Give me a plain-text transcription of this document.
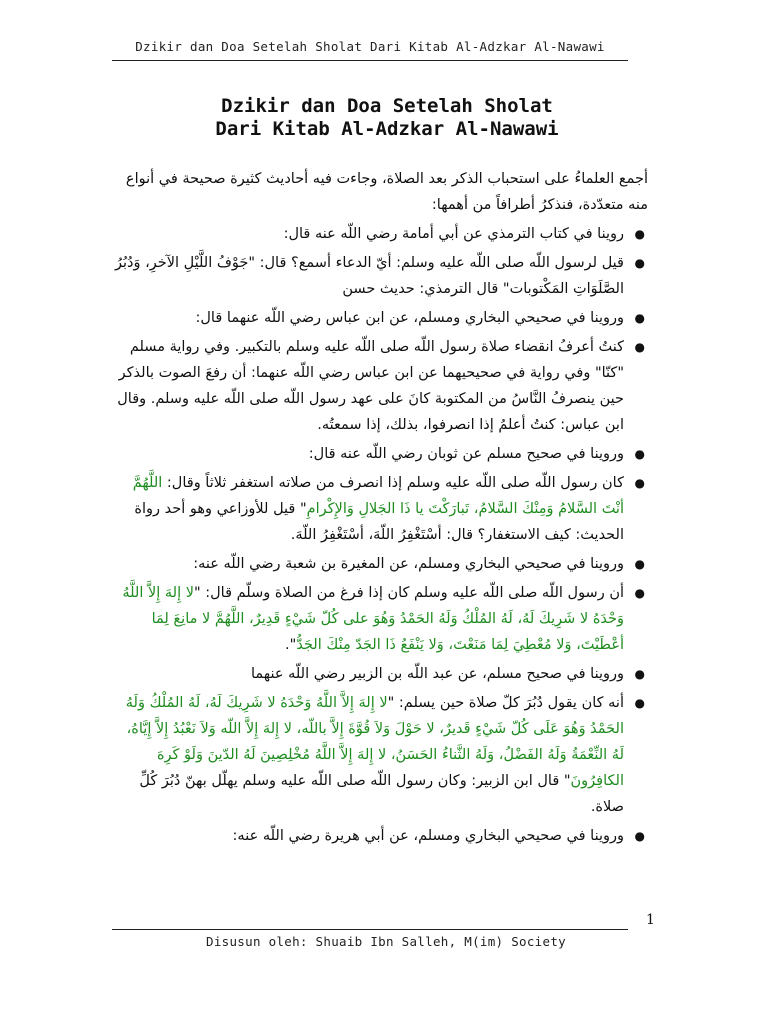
Dzikir dan Doa Setelah Sholat Dari Kitab Al-Adzkar Al-Nawawi
Dzikir dan Doa Setelah Sholat
Dari Kitab Al-Adzkar Al-Nawawi

أجمع العلماءُ على استحباب الذكر بعد الصلاة، وجاءت فيه أحاديث كثيرة صحيحة في أنواع منه متعدّدة، فنذكرُ أطرافاً من أهمها:

●
روينا في كتاب الترمذي عن أبي أمامة رضي اللّه عنه قال:
●
قيل لرسول اللّه صلى اللّه عليه وسلم: أيّ الدعاء أسمع؟ قال: "جَوْفُ اللَّيْلِ الآخرِ، وَدُبُرُ الصَّلَوَاتِ المَكْتوبات" قال الترمذي: حديث حسن
●
وروينا في صحيحي البخاري ومسلم، عن ابن عباس رضي اللّه عنهما قال:
●
كنتُ أعرفُ انقضاء صلاة رسول اللّه صلى اللّه عليه وسلم بالتكبير. وفي رواية مسلم "كنّا" وفي رواية في صحيحيهما عن ابن عباس رضي اللّه عنهما: أن رفعَ الصوت بالذكر حين ينصرفُ النَّاسُ من المكتوبة كانَ على عهد رسول اللّه صلى اللّه عليه وسلم. وقال ابن عباس: كنتُ أعلمُ إذا انصرفوا، بذلك، إذا سمعتُه.
●
وروينا في صحيح مسلم عن ثوبان رضي اللّه عنه قال:
●
كان رسول اللّه صلى اللّه عليه وسلم إذا انصرف من صلاته استغفر ثلاثاً وقال: اللَّهُمَّ أنْتَ السَّلامُ وَمِنْكَ السَّلامُ، تَبارَكْتَ يا ذَا الجَلالِ وَالإِكْرامِ" قيل للأوزاعي وهو أحد رواة الحديث: كيف الاستغفار؟ قال: أسْتَغْفِرُ اللّهَ، أسْتَغْفِرُ اللّهَ.
●
وروينا في صحيحي البخاري ومسلم، عن المغيرة بن شعبة رضي اللّه عنه:
●
أن رسول اللّه صلى اللّه عليه وسلم كان إذا فرغ من الصلاة وسلّم قال: "لا إِلهَ إِلاَّ اللَّهُ وَحْدَهُ لا شَرِيكَ لَهُ، لَهُ المُلْكُ وَلَهُ الحَمْدُ وَهُوَ على كُلّ شَيْءٍ قَدِيرٌ، اللَّهُمَّ لا مانِعَ لِمَا أعْطَيْتَ، وَلا مُعْطِيَ لِمَا مَنَعْتَ، وَلا يَنْفَعُ ذَا الجَدّ مِنْكَ الجَدُّ".
●
وروينا في صحيح مسلم، عن عبد اللّه بن الزبير رضي اللّه عنهما
●
أنه كان يقول دُبُرَ كلّ صلاة حين يسلم: "لا إِلهَ إِلاَّ اللَّهُ وَحْدَهُ لا شَرِيكَ لَهُ، لَهُ المُلْكُ وَلَهُ الحَمْدُ وَهُوَ عَلَى كُلّ شَيْءٍ قَديرٌ، لا حَوْلَ وَلاَ قُوَّةَ إِلاَّ باللّه، لا إِلهَ إِلاَّ اللّه وَلاَ نَعْبُدُ إِلاَّ إِيَّاهُ، لَهُ النِّعْمَةُ وَلَهُ الفَضْلُ، وَلَهُ الثَّناءُ الحَسَنُ، لا إِلهَ إِلاَّ اللَّهُ مُخْلِصِينَ لَهُ الدّينَ وَلَوْ كَرِهَ الكافِرُونَ" قال ابن الزبير: وكان رسول اللّه صلى اللّه عليه وسلم يهلّل بهنّ دُبُرَ كُلِّ صلاة.
●
وروينا في صحيحي البخاري ومسلم، عن أبي هريرة رضي اللّه عنه:
1
Disusun oleh: Shuaib Ibn Salleh, M(im) Society
